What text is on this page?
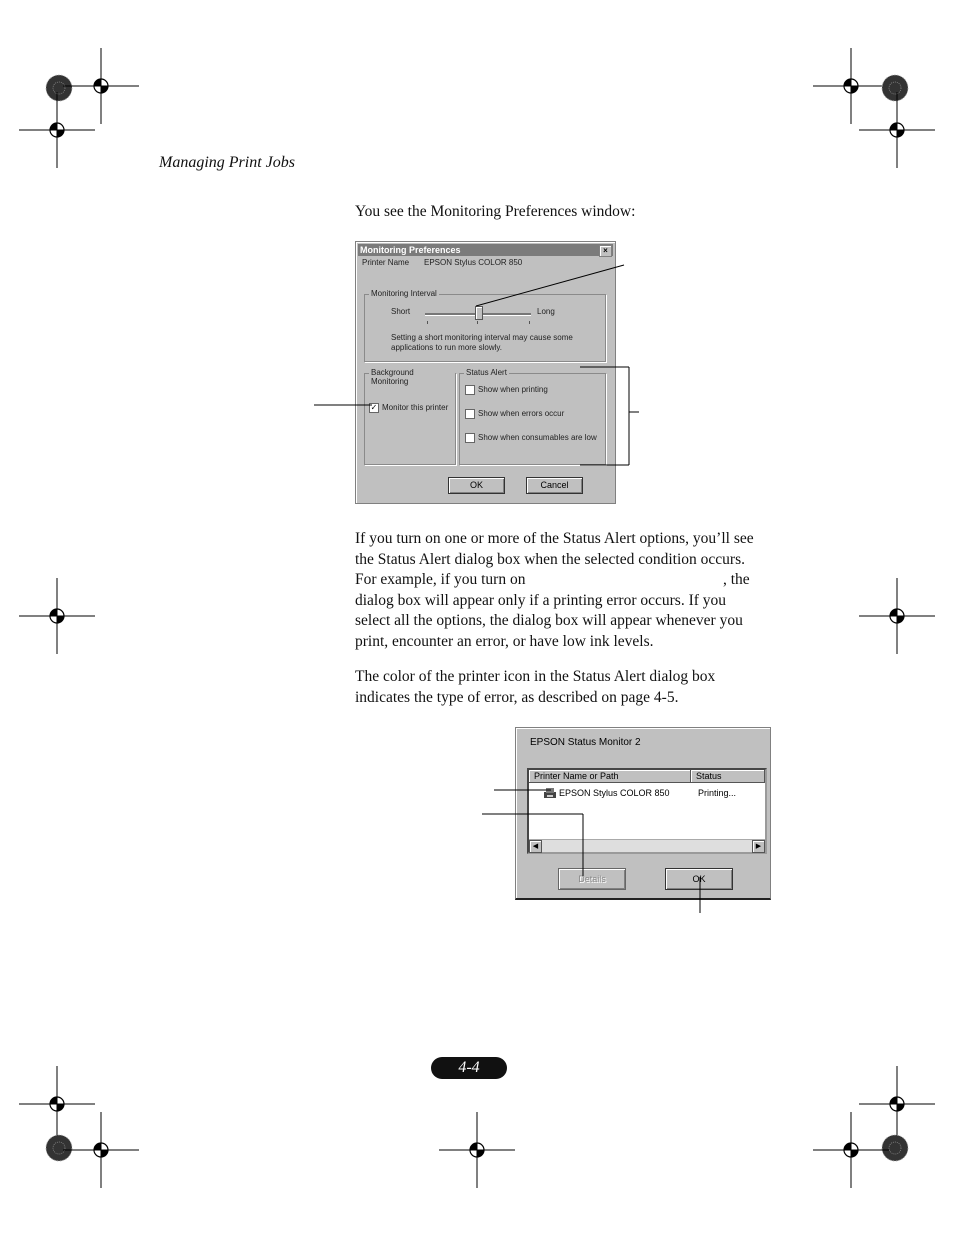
Managing Print Jobs
You see the Monitoring Preferences window:
Monitoring Preferences	×
Printer Name EPSON Stylus COLOR 850
Monitoring Interval
Short	Long
Setting a short monitoring interval may cause some
applications to run more slowly.
Background Monitoring
✓ Monitor this printer
Status Alert
Show when printing
Show when errors occur
Show when consumables are low
OK	Cancel
If you turn on one or more of the Status Alert options, you’ll see
the Status Alert dialog box when the selected condition occurs.
For example, if you turn on	, the
dialog box will appear only if a printing error occurs. If you
select all the options, the dialog box will appear whenever you
print, encounter an error, or have low ink levels.
The color of the printer icon in the Status Alert dialog box
indicates the type of error, as described on page 4-5.
EPSON Status Monitor 2
Printer Name or Path	Status
EPSON Stylus COLOR 850	Printing...
◀	▶
Details	OK
4-4
